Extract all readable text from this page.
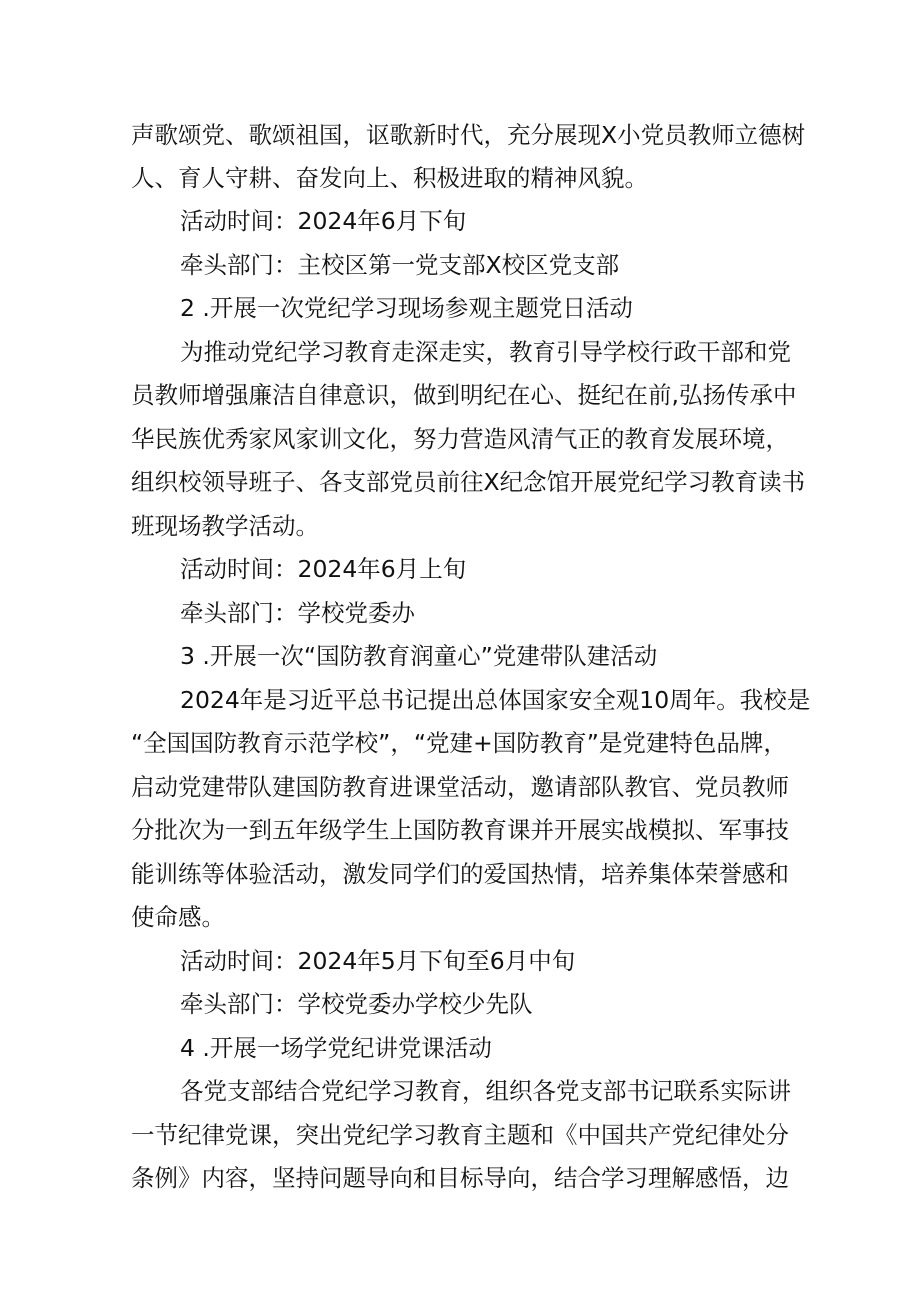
声歌颂党、歌颂祖国，讴歌新时代，充分展现X小党员教师立德树
人、育人守耕、奋发向上、积极进取的精神风貌。
活动时间：2024年6月下旬
牵头部门：主校区第一党支部X校区党支部
2 .开展一次党纪学习现场参观主题党日活动
为推动党纪学习教育走深走实，教育引导学校行政干部和党
员教师增强廉洁自律意识，做到明纪在心、挺纪在前,弘扬传承中
华民族优秀家风家训文化，努力营造风清气正的教育发展环境，
组织校领导班子、各支部党员前往X纪念馆开展党纪学习教育读书
班现场教学活动。
活动时间：2024年6月上旬
牵头部门：学校党委办
3 .开展一次“国防教育润童心”党建带队建活动
2024年是习近平总书记提出总体国家安全观10周年。我校是
“全国国防教育示范学校”，“党建+国防教育”是党建特色品牌，
启动党建带队建国防教育进课堂活动，邀请部队教官、党员教师
分批次为一到五年级学生上国防教育课并开展实战模拟、军事技
能训练等体验活动，激发同学们的爱国热情，培养集体荣誉感和
使命感。
活动时间：2024年5月下旬至6月中旬
牵头部门：学校党委办学校少先队
4 .开展一场学党纪讲党课活动
各党支部结合党纪学习教育，组织各党支部书记联系实际讲
一节纪律党课，突出党纪学习教育主题和《中国共产党纪律处分
条例》内容，坚持问题导向和目标导向，结合学习理解感悟，边
